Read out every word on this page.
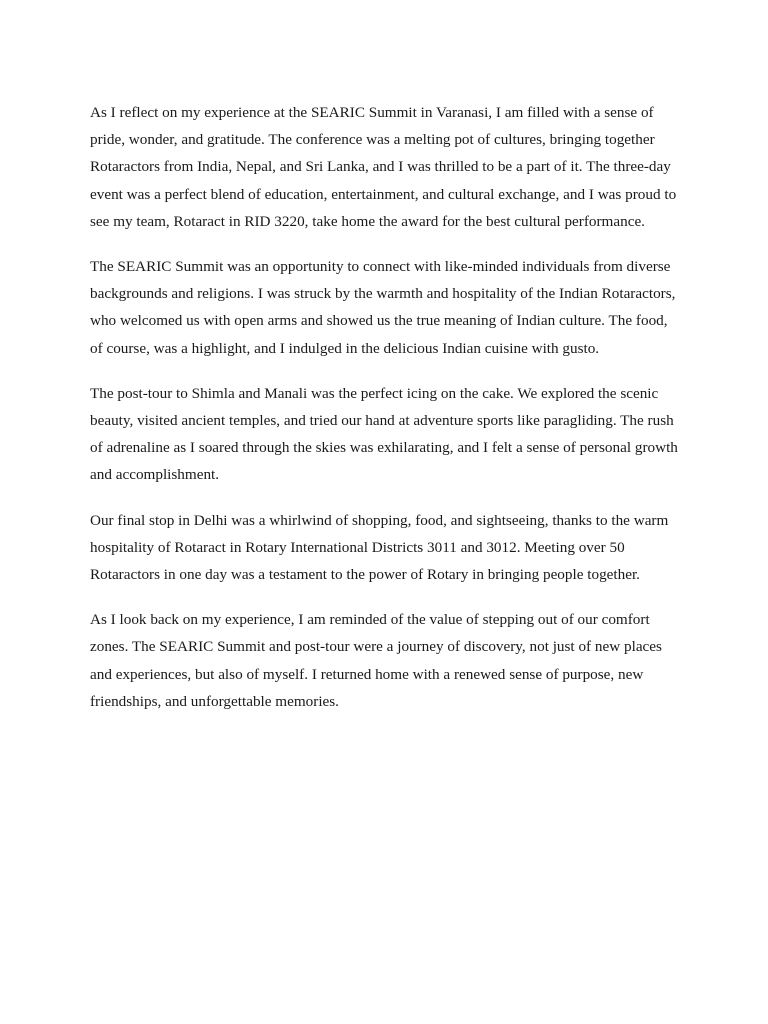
As I reflect on my experience at the SEARIC Summit in Varanasi, I am filled with a sense of pride, wonder, and gratitude. The conference was a melting pot of cultures, bringing together Rotaractors from India, Nepal, and Sri Lanka, and I was thrilled to be a part of it. The three-day event was a perfect blend of education, entertainment, and cultural exchange, and I was proud to see my team, Rotaract in RID 3220, take home the award for the best cultural performance.

The SEARIC Summit was an opportunity to connect with like-minded individuals from diverse backgrounds and religions. I was struck by the warmth and hospitality of the Indian Rotaractors, who welcomed us with open arms and showed us the true meaning of Indian culture. The food, of course, was a highlight, and I indulged in the delicious Indian cuisine with gusto.

The post-tour to Shimla and Manali was the perfect icing on the cake. We explored the scenic beauty, visited ancient temples, and tried our hand at adventure sports like paragliding. The rush of adrenaline as I soared through the skies was exhilarating, and I felt a sense of personal growth and accomplishment.

Our final stop in Delhi was a whirlwind of shopping, food, and sightseeing, thanks to the warm hospitality of Rotaract in Rotary International Districts 3011 and 3012. Meeting over 50 Rotaractors in one day was a testament to the power of Rotary in bringing people together.

As I look back on my experience, I am reminded of the value of stepping out of our comfort zones. The SEARIC Summit and post-tour were a journey of discovery, not just of new places and experiences, but also of myself. I returned home with a renewed sense of purpose, new friendships, and unforgettable memories.
